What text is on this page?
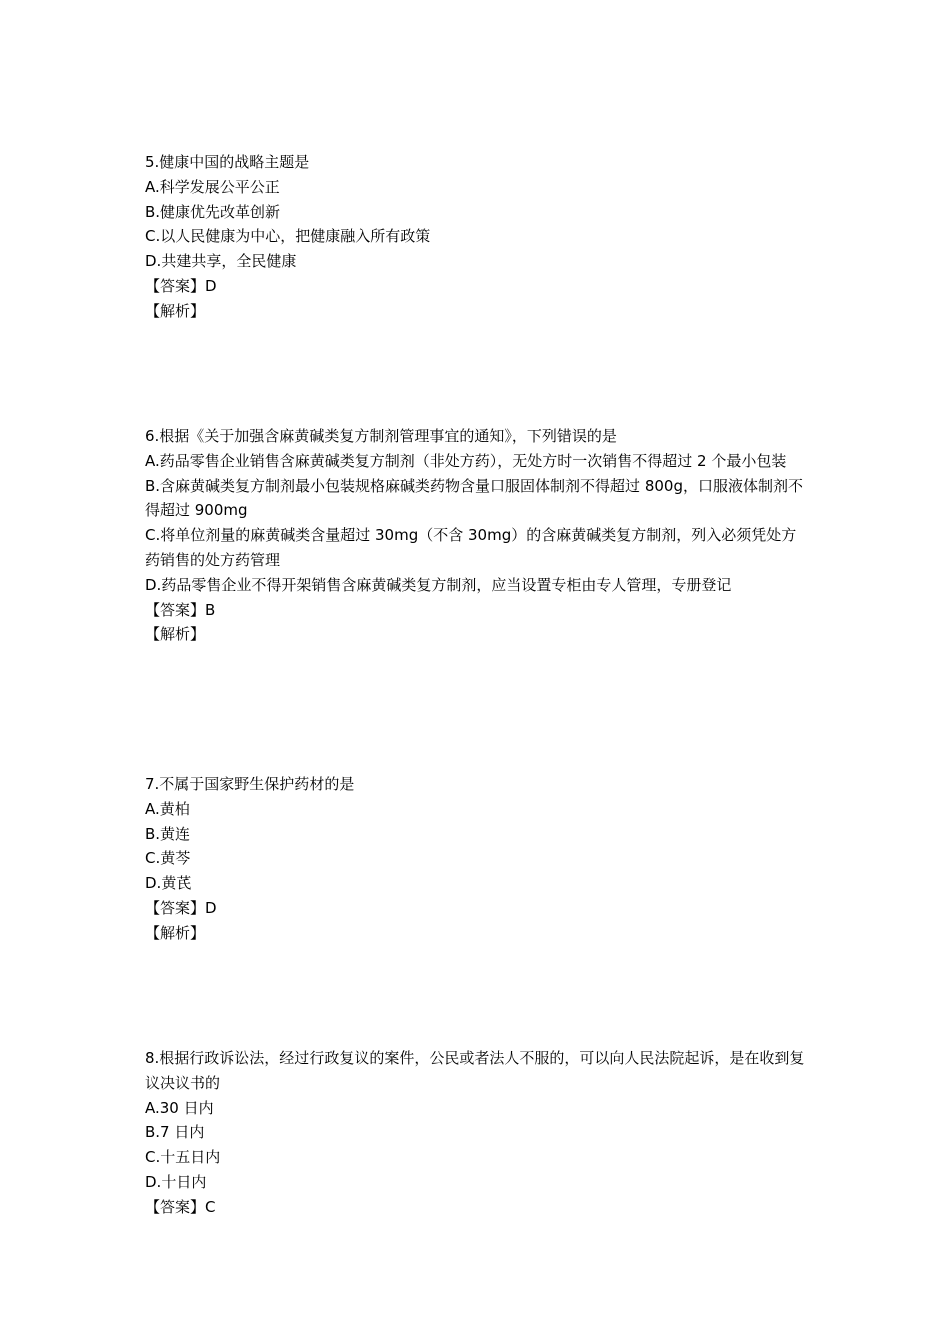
5.健康中国的战略主题是
A.科学发展公平公正
B.健康优先改革创新
C.以人民健康为中心，把健康融入所有政策
D.共建共享，全民健康
【答案】D
【解析】
6.根据《关于加强含麻黄碱类复方制剂管理事宜的通知》，下列错误的是
A.药品零售企业销售含麻黄碱类复方制剂（非处方药），无处方时一次销售不得超过 2 个最小包装
B.含麻黄碱类复方制剂最小包装规格麻碱类药物含量口服固体制剂不得超过 800g，口服液体制剂不得超过 900mg
C.将单位剂量的麻黄碱类含量超过 30mg（不含 30mg）的含麻黄碱类复方制剂，列入必须凭处方药销售的处方药管理
D.药品零售企业不得开架销售含麻黄碱类复方制剂，应当设置专柜由专人管理，专册登记
【答案】B
【解析】
7.不属于国家野生保护药材的是
A.黄柏
B.黄连
C.黄芩
D.黄芪
【答案】D
【解析】
8.根据行政诉讼法，经过行政复议的案件，公民或者法人不服的，可以向人民法院起诉，是在收到复议决议书的
A.30 日内
B.7 日内
C.十五日内
D.十日内
【答案】C
